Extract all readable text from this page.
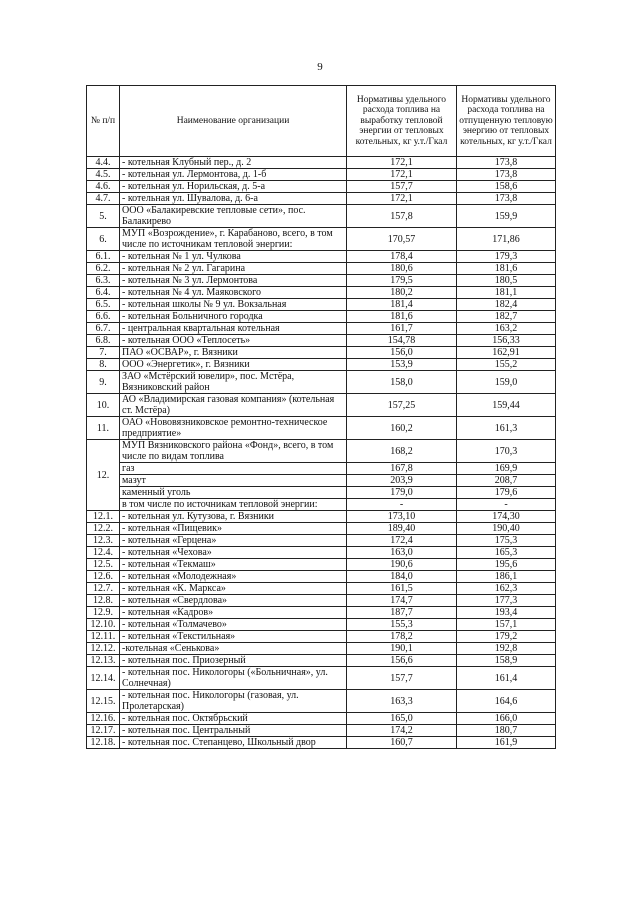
9
№ п/п	Наименование организации	Нормативы удельного расхода топлива на выработку тепловой энергии от тепловых котельных, кг у.т./Гкал	Нормативы удельного расхода топлива на отпущенную тепловую энергию от тепловых котельных, кг у.т./Гкал
4.4.	- котельная Клубный пер., д. 2	172,1	173,8
4.5.	- котельная ул. Лермонтова, д. 1-б	172,1	173,8
4.6.	- котельная ул. Норильская, д. 5-а	157,7	158,6
4.7.	- котельная ул. Шувалова, д. 6-а	172,1	173,8
5.	ООО «Балакиревские тепловые сети», пос. Балакирево	157,8	159,9
6.	МУП «Возрождение», г. Карабаново, всего, в том числе по источникам тепловой энергии:	170,57	171,86
6.1.	- котельная № 1 ул. Чулкова	178,4	179,3
6.2.	- котельная № 2 ул. Гагарина	180,6	181,6
6.3.	- котельная № 3 ул. Лермонтова	179,5	180,5
6.4.	- котельная № 4 ул. Маяковского	180,2	181,1
6.5.	- котельная школы № 9 ул. Вокзальная	181,4	182,4
6.6.	- котельная Больничного городка	181,6	182,7
6.7.	- центральная квартальная котельная	161,7	163,2
6.8.	- котельная ООО «Теплосеть»	154,78	156,33
7.	ПАО «ОСВАР», г. Вязники	156,0	162,91
8.	ООО «Энергетик», г. Вязники	153,9	155,2
9.	ЗАО «Мстёрский ювелир», пос. Мстёра, Вязниковский район	158,0	159,0
10.	АО «Владимирская газовая компания» (котельная ст. Мстёра)	157,25	159,44
11.	ОАО «Нововязниковское ремонтно-техническое предприятие»	160,2	161,3
12.	МУП Вязниковского района «Фонд», всего, в том числе по видам топлива	168,2	170,3
	газ	167,8	169,9
	мазут	203,9	208,7
	каменный уголь	179,0	179,6
	в том числе по источникам тепловой энергии:	-	-
12.1.	- котельная ул. Кутузова, г. Вязники	173,10	174,30
12.2.	- котельная «Пищевик»	189,40	190,40
12.3.	- котельная «Герцена»	172,4	175,3
12.4.	- котельная «Чехова»	163,0	165,3
12.5.	- котельная «Текмаш»	190,6	195,6
12.6.	- котельная «Молодежная»	184,0	186,1
12.7.	- котельная «К. Маркса»	161,5	162,3
12.8.	- котельная «Свердлова»	174,7	177,3
12.9.	- котельная «Кадров»	187,7	193,4
12.10.	- котельная «Толмачево»	155,3	157,1
12.11.	- котельная «Текстильная»	178,2	179,2
12.12.	-котельная «Сенькова»	190,1	192,8
12.13.	- котельная пос. Приозерный	156,6	158,9
12.14.	- котельная пос. Никологоры («Больничная», ул. Солнечная)	157,7	161,4
12.15.	- котельная пос. Никологоры (газовая, ул. Пролетарская)	163,3	164,6
12.16.	- котельная пос. Октябрьский	165,0	166,0
12.17.	- котельная пос. Центральный	174,2	180,7
12.18.	- котельная пос. Степанцево, Школьный двор	160,7	161,9
